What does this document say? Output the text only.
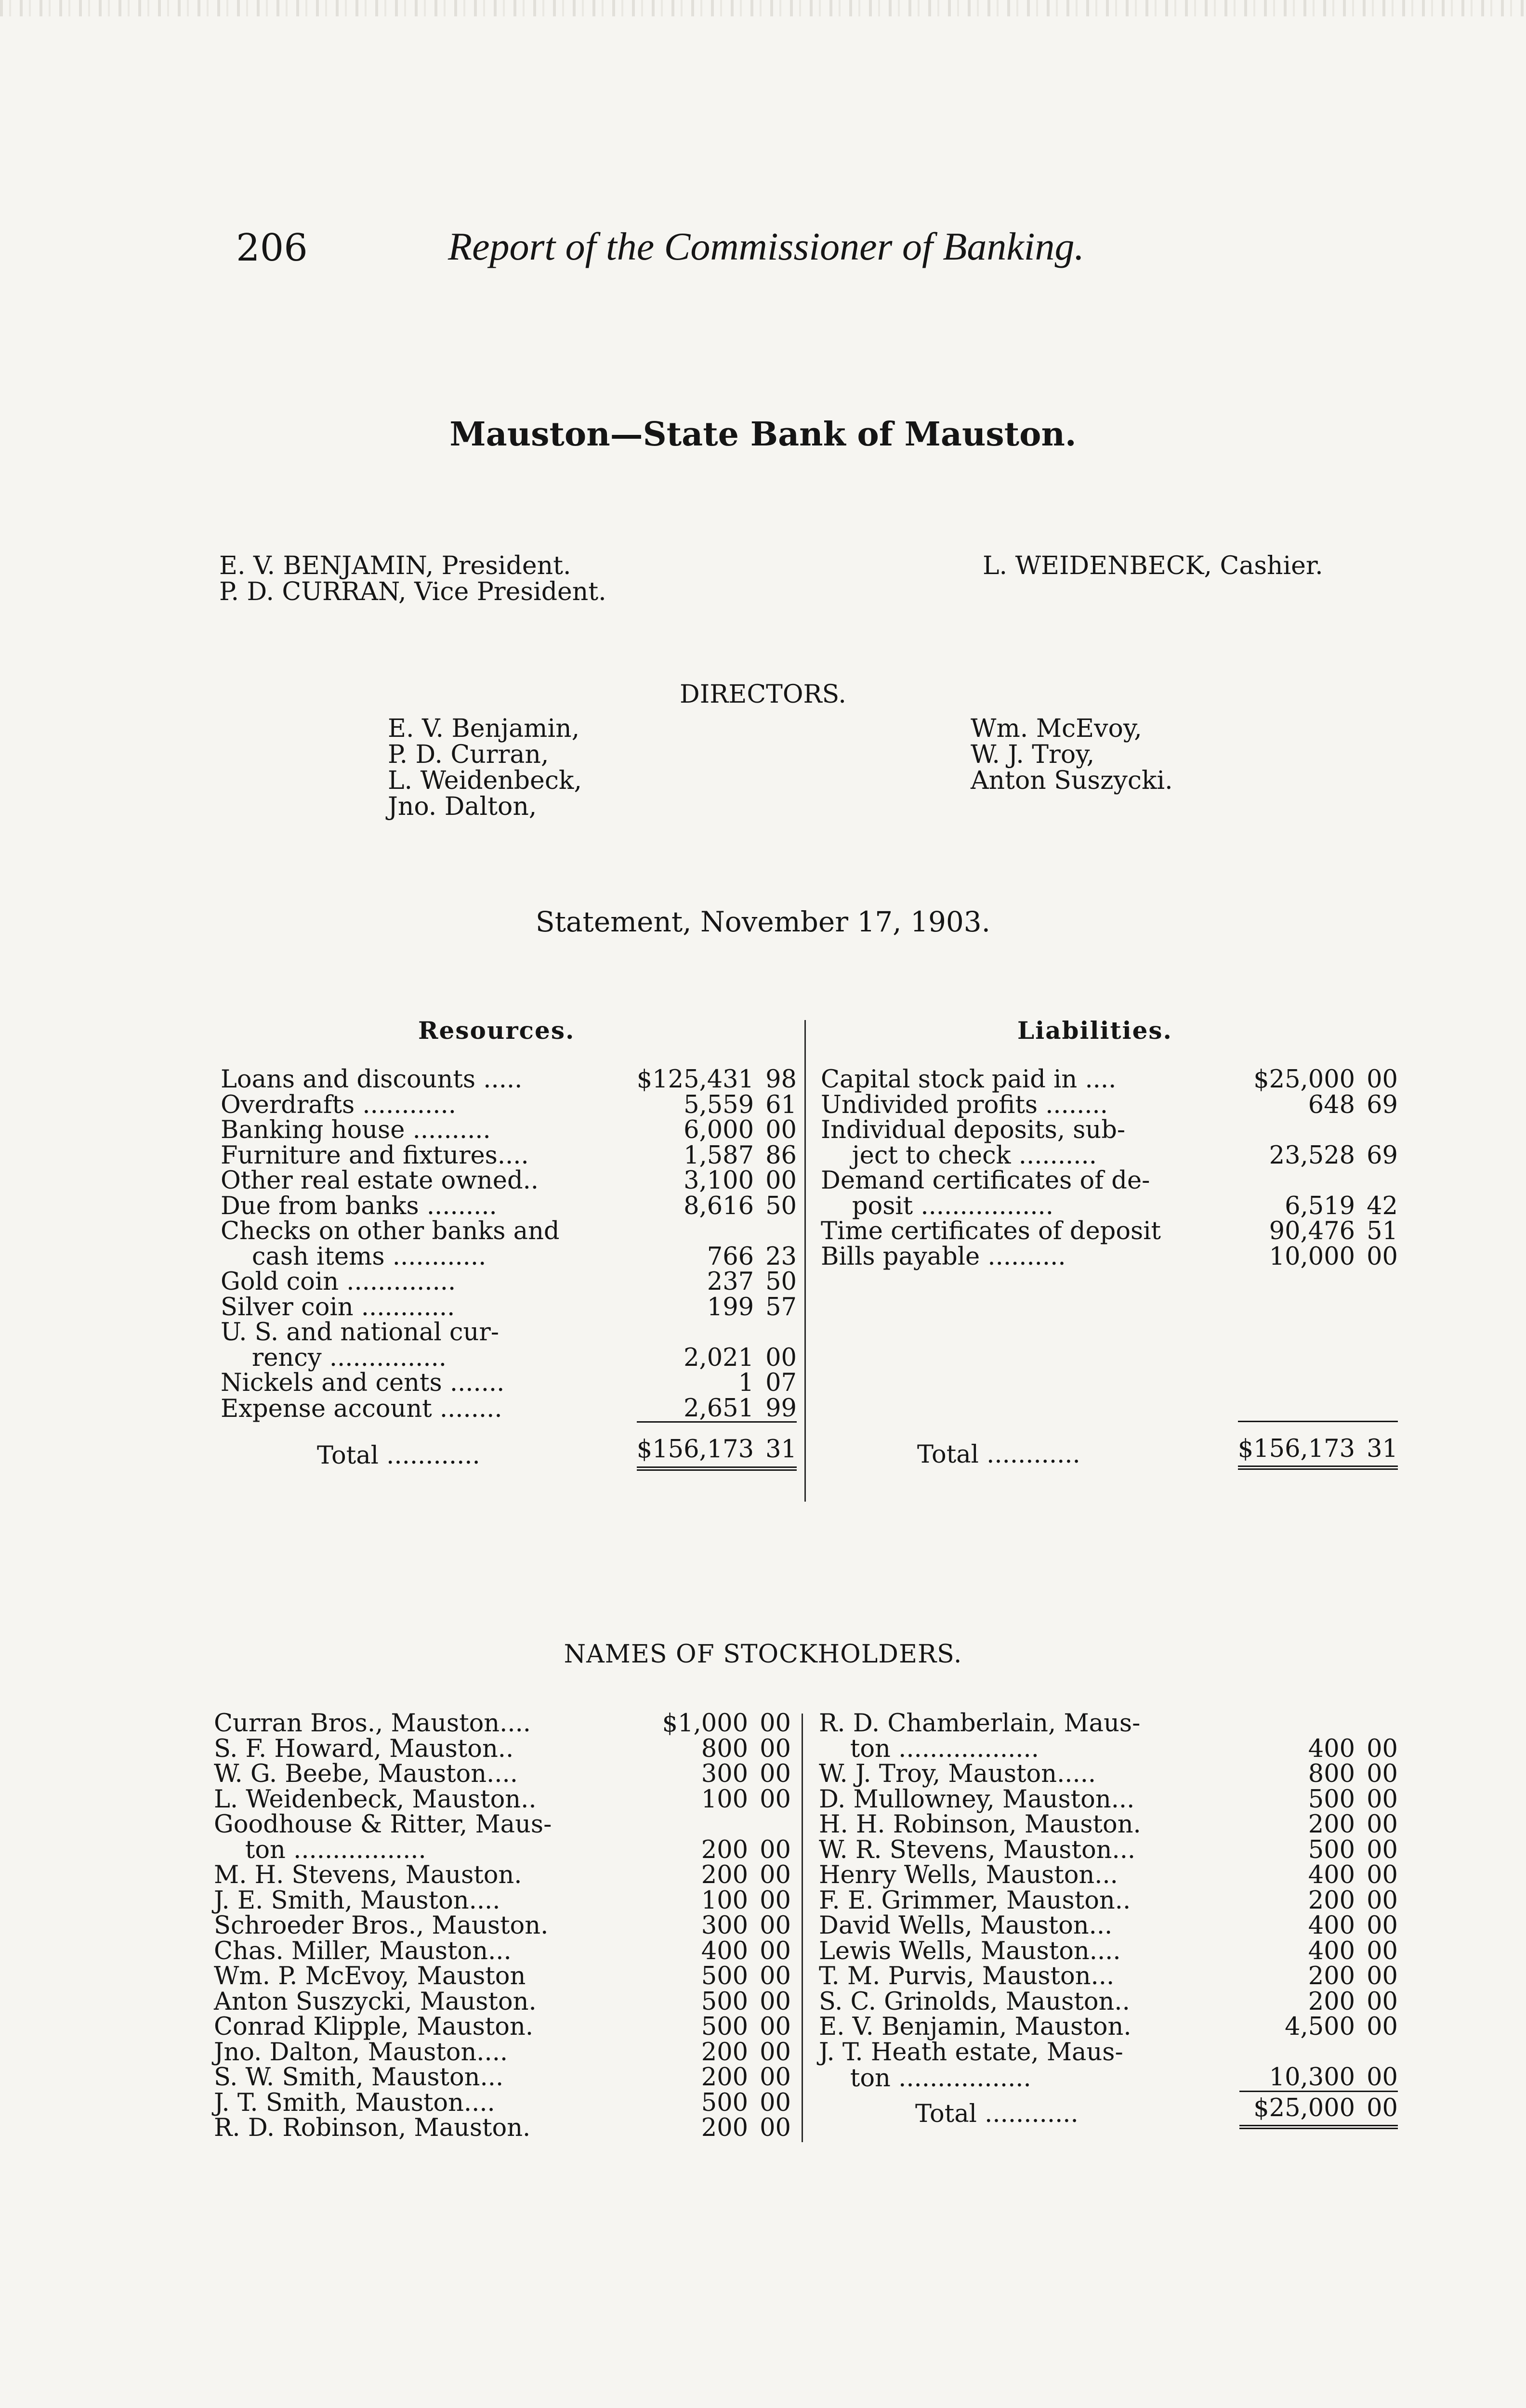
206	Report of the Commissioner of Banking.
Mauston—State Bank of Mauston.
E. V. BENJAMIN, President.
P. D. CURRAN, Vice President.
L. WEIDENBECK, Cashier.
DIRECTORS.
E. V. Benjamin,
P. D. Curran,
L. Weidenbeck,
Jno. Dalton,
Wm. McEvoy,
W. J. Troy,
Anton Suszycki.
Statement, November 17, 1903.
Resources.	Liabilities.
Loans and discounts .....	$125,431	98
Overdrafts ............	5,559	61
Banking house ..........	6,000	00
Furniture and fixtures....	1,587	86
Other real estate owned..	3,100	00
Due from banks .........	8,616	50
Checks on other banks and		
cash items ............	766	23
Gold coin ..............	237	50
Silver coin ............	199	57
U. S. and national cur-		
rency ...............	2,021	00
Nickels and cents .......	1	07
Expense account ........	2,651	99
Total ............	$156,173	31
Capital stock paid in ....	$25,000	00
Undivided profits ........	648	69
Individual deposits, sub-		
ject to check ..........	23,528	69
Demand certificates of de-		
posit .................	6,519	42
Time certificates of deposit	90,476	51
Bills payable ..........	10,000	00

Total ............	$156,173	31
NAMES OF STOCKHOLDERS.
Curran Bros., Mauston....	$1,000	00
S. F. Howard, Mauston..	800	00
W. G. Beebe, Mauston....	300	00
L. Weidenbeck, Mauston..	100	00
Goodhouse & Ritter, Maus-		
ton .................	200	00
M. H. Stevens, Mauston.	200	00
J. E. Smith, Mauston....	100	00
Schroeder Bros., Mauston.	300	00
Chas. Miller, Mauston...	400	00
Wm. P. McEvoy, Mauston	500	00
Anton Suszycki, Mauston.	500	00
Conrad Klipple, Mauston.	500	00
Jno. Dalton, Mauston....	200	00
S. W. Smith, Mauston...	200	00
J. T. Smith, Mauston....	500	00
R. D. Robinson, Mauston.	200	00
R. D. Chamberlain, Maus-		
ton ..................	400	00
W. J. Troy, Mauston.....	800	00
D. Mullowney, Mauston...	500	00
H. H. Robinson, Mauston.	200	00
W. R. Stevens, Mauston...	500	00
Henry Wells, Mauston...	400	00
F. E. Grimmer, Mauston..	200	00
David Wells, Mauston...	400	00
Lewis Wells, Mauston....	400	00
T. M. Purvis, Mauston...	200	00
S. C. Grinolds, Mauston..	200	00
E. V. Benjamin, Mauston.	4,500	00
J. T. Heath estate, Maus-		
ton .................	10,300	00
Total ............	$25,000	00
